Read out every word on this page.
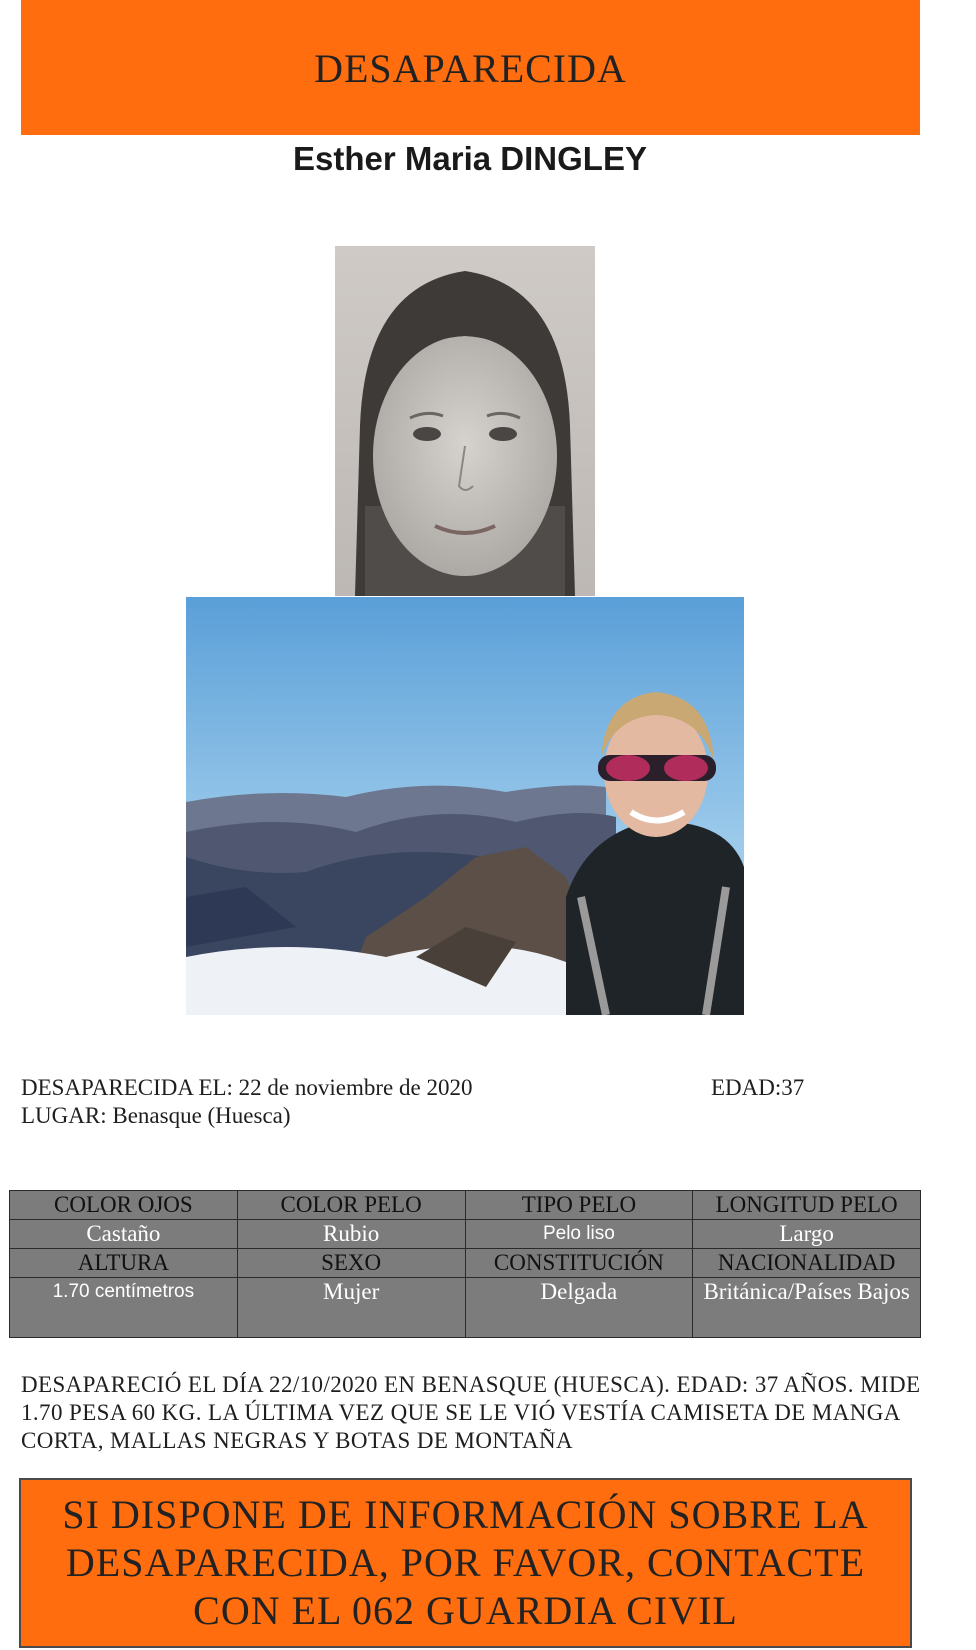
DESAPARECIDA
Esther Maria DINGLEY
DESAPARECIDA EL: 22 de noviembre de 2020	EDAD:37
LUGAR: Benasque (Huesca)
COLOR OJOS	COLOR PELO	TIPO PELO	LONGITUD PELO
Castaño	Rubio	Pelo liso	Largo
ALTURA	SEXO	CONSTITUCIÓN	NACIONALIDAD
1.70 centímetros	Mujer	Delgada	Británica/Países Bajos
DESAPARECIÓ EL DÍA 22/10/2020 EN BENASQUE (HUESCA). EDAD: 37 AÑOS. MIDE 1.70 PESA 60 KG. LA ÚLTIMA VEZ QUE SE LE VIÓ VESTÍA CAMISETA DE MANGA CORTA, MALLAS NEGRAS Y BOTAS DE MONTAÑA
SI DISPONE DE INFORMACIÓN SOBRE LA
DESAPARECIDA, POR FAVOR, CONTACTE
CON EL 062 GUARDIA CIVIL
